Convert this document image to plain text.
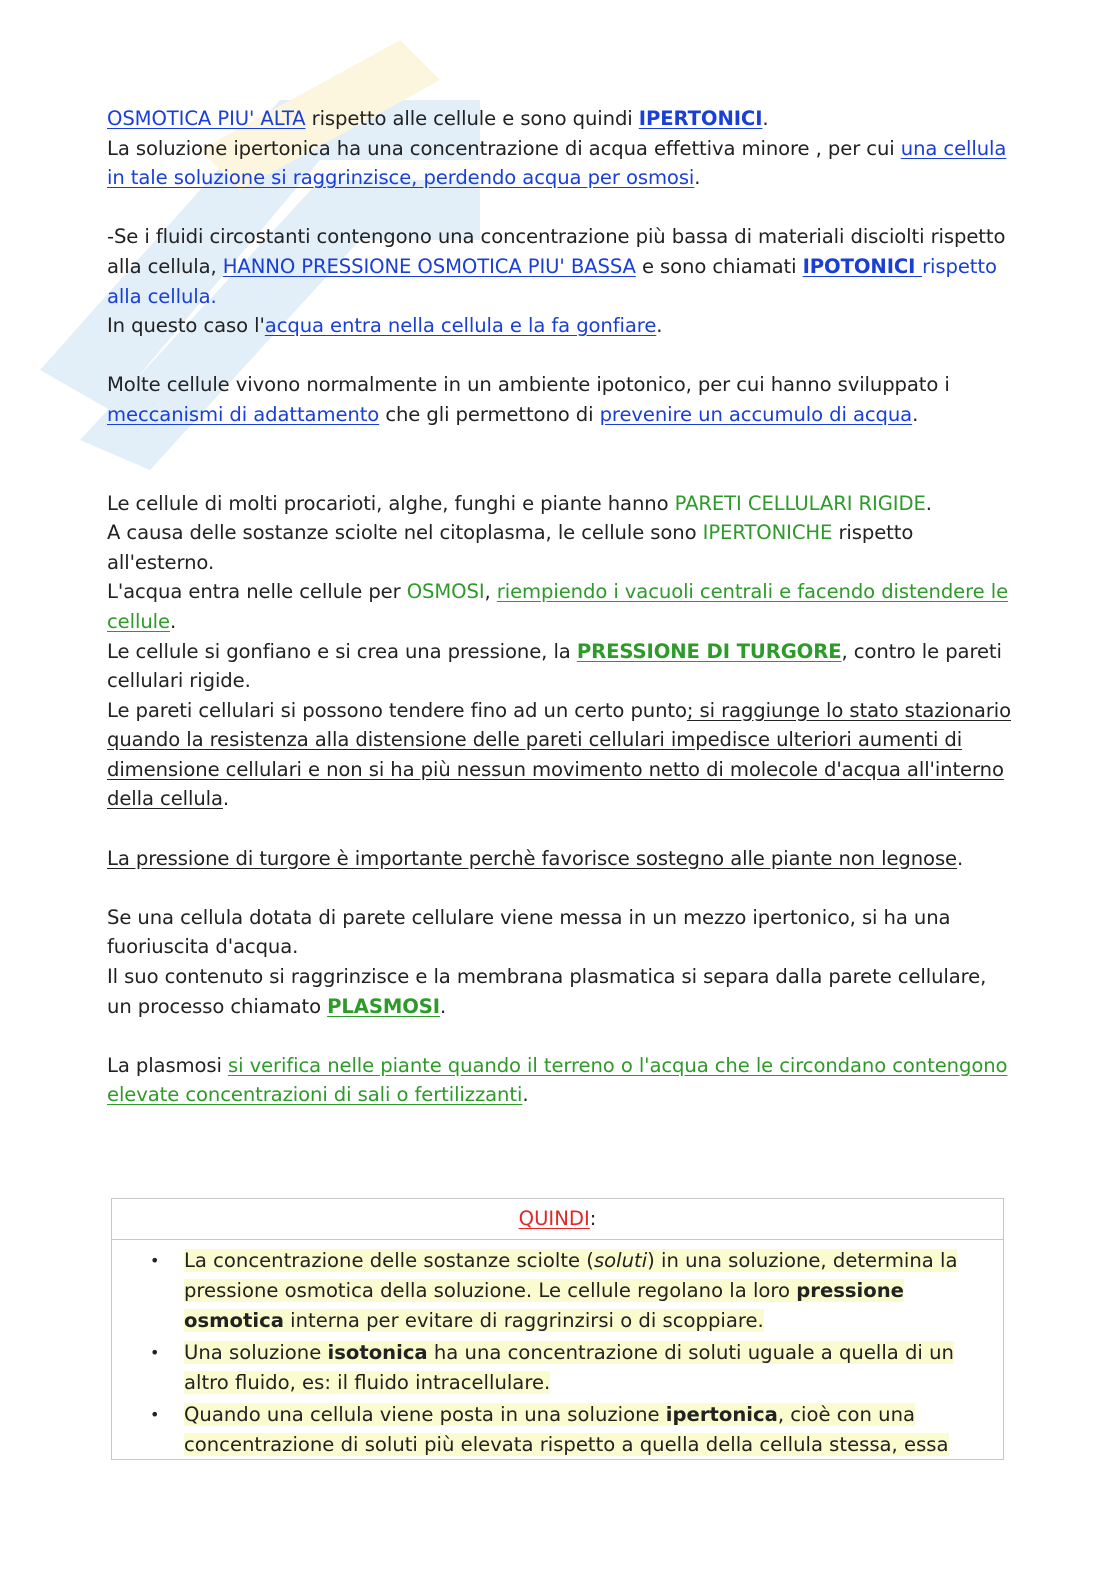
OSMOTICA PIU' ALTA rispetto alle cellule e sono quindi IPERTONICI.
La soluzione ipertonica ha una concentrazione di acqua effettiva minore , per cui una cellula in tale soluzione si raggrinzisce, perdendo acqua per osmosi.

-Se i fluidi circostanti contengono una concentrazione più bassa di materiali disciolti rispetto alla cellula, HANNO PRESSIONE OSMOTICA PIU' BASSA e sono chiamati IPOTONICI rispetto alla cellula.
In questo caso l'acqua entra nella cellula e la fa gonfiare.

Molte cellule vivono normalmente in un ambiente ipotonico, per cui hanno sviluppato i meccanismi di adattamento che gli permettono di prevenire un accumulo di acqua.

Le cellule di molti procarioti, alghe, funghi e piante hanno PARETI CELLULARI RIGIDE.
A causa delle sostanze sciolte nel citoplasma, le cellule sono IPERTONICHE rispetto all'esterno.
L'acqua entra nelle cellule per OSMOSI, riempiendo i vacuoli centrali e facendo distendere le cellule.
Le cellule si gonfiano e si crea una pressione, la PRESSIONE DI TURGORE, contro le pareti cellulari rigide.
Le pareti cellulari si possono tendere fino ad un certo punto; si raggiunge lo stato stazionario quando la resistenza alla distensione delle pareti cellulari impedisce ulteriori aumenti di dimensione cellulari e non si ha più nessun movimento netto di molecole d'acqua all'interno della cellula.

La pressione di turgore è importante perchè favorisce sostegno alle piante non legnose.

Se una cellula dotata di parete cellulare viene messa in un mezzo ipertonico, si ha una fuoriuscita d'acqua.
Il suo contenuto si raggrinzisce e la membrana plasmatica si separa dalla parete cellulare, un processo chiamato PLASMOSI.

La plasmosi si verifica nelle piante quando il terreno o l'acqua che le circondano contengono elevate concentrazioni di sali o fertilizzanti.

QUINDI:
• La concentrazione delle sostanze sciolte (soluti) in una soluzione, determina la pressione osmotica della soluzione. Le cellule regolano la loro pressione osmotica interna per evitare di raggrinzirsi o di scoppiare.
• Una soluzione isotonica ha una concentrazione di soluti uguale a quella di un altro fluido, es: il fluido intracellulare.
• Quando una cellula viene posta in una soluzione ipertonica, cioè con una concentrazione di soluti più elevata rispetto a quella della cellula stessa, essa
